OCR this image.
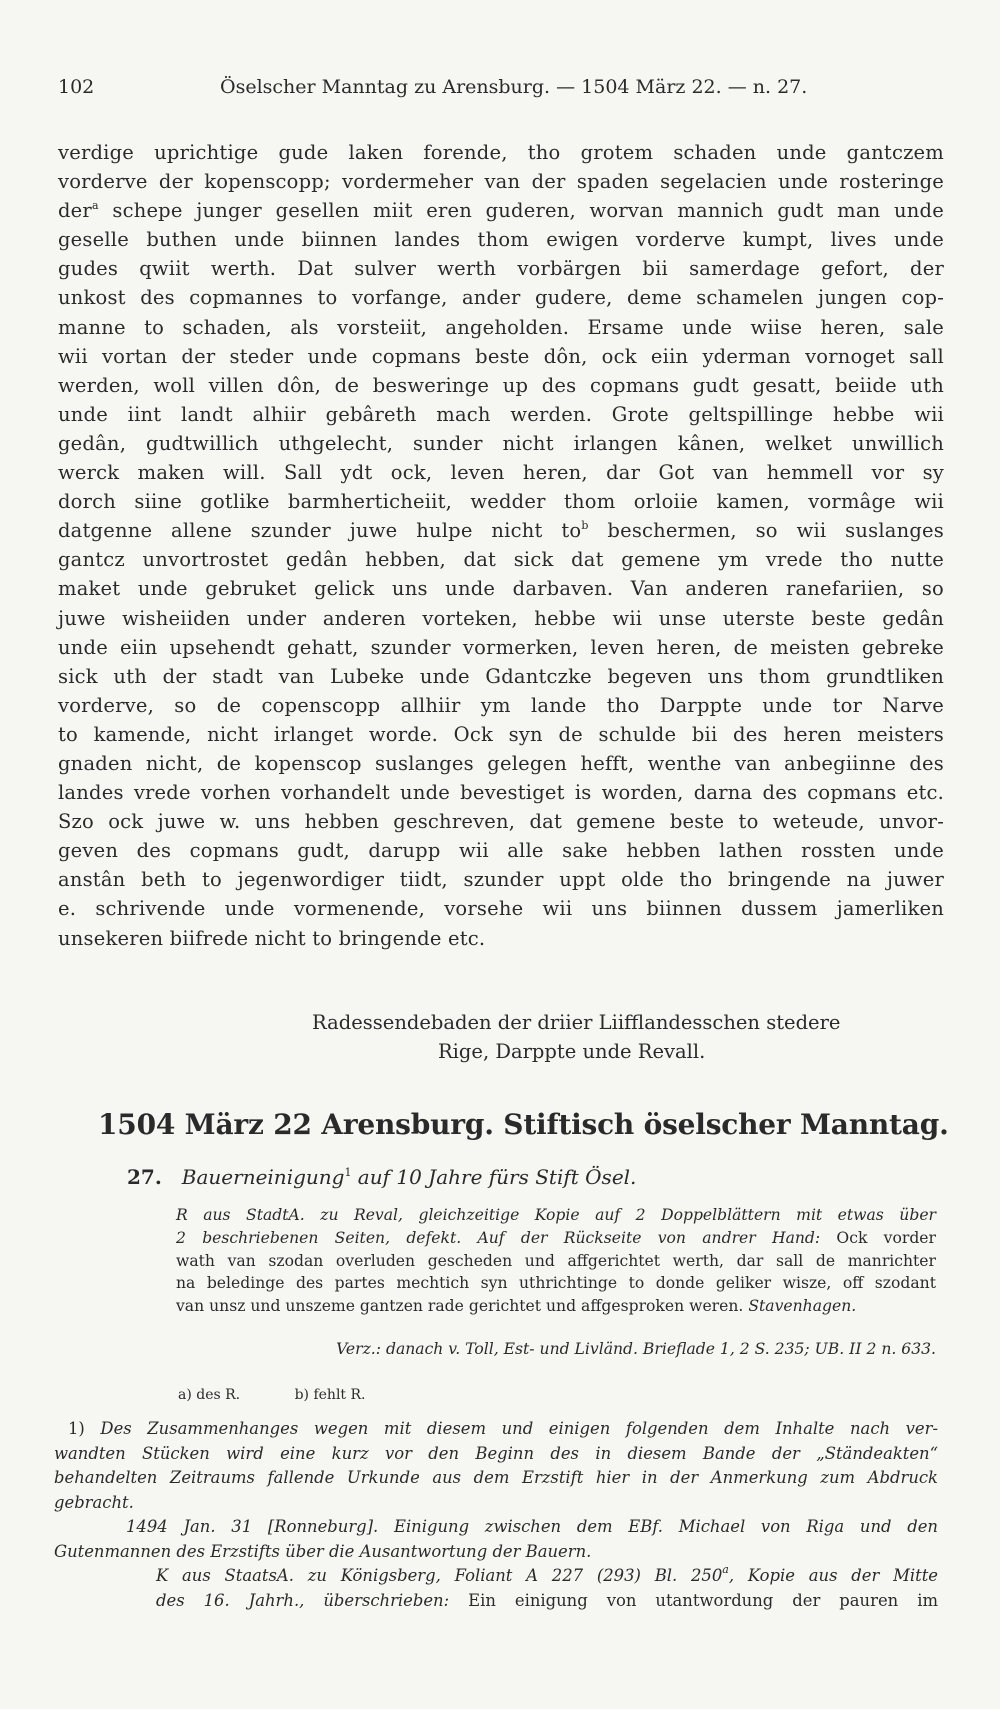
102	Öselscher Manntag zu Arensburg. — 1504 März 22. — n. 27.
verdige uprichtige gude laken forende, tho grotem schaden unde gantczem
vorderve der kopenscopp; vordermeher van der spaden segelacien unde rosteringe
der$^a$ schepe junger gesellen miit eren guderen, worvan mannich gudt man unde
geselle buthen unde biinnen landes thom ewigen vorderve kumpt, lives unde
gudes qwiit werth. Dat sulver werth vorbärgen bii samerdage gefort, der
unkost des copmannes to vorfange, ander gudere, deme schamelen jungen cop-
manne to schaden, als vorsteiit, angeholden. Ersame unde wiise heren, sale
wii vortan der steder unde copmans beste dôn, ock eiin yderman vornoget sall
werden, woll villen dôn, de besweringe up des copmans gudt gesatt, beiide uth
unde iint landt alhiir gebâreth mach werden. Grote geltspillinge hebbe wii
gedân, gudtwillich uthgelecht, sunder nicht irlangen kânen, welket unwillich
werck maken will. Sall ydt ock, leven heren, dar Got van hemmell vor sy
dorch siine gotlike barmherticheiit, wedder thom orloiie kamen, vormâge wii
datgenne allene szunder juwe hulpe nicht $to^b$ beschermen, so wii suslanges
gantcz unvortrostet gedân hebben, dat sick dat gemene ym vrede tho nutte
maket unde gebruket gelick uns unde darbaven. Van anderen ranefariien, so
juwe wisheiiden under anderen vorteken, hebbe wii unse uterste beste gedân
unde eiin upsehendt gehatt, szunder vormerken, leven heren, de meisten gebreke
sick uth der stadt van Lubeke unde Gdantczke begeven uns thom grundtliken
vorderve, so de copenscopp allhiir ym lande tho Darppte unde tor Narve
to kamende, nicht irlanget worde. Ock syn de schulde bii des heren meisters
gnaden nicht, de kopenscop suslanges gelegen hefft, wenthe van anbegiinne des
landes vrede vorhen vorhandelt unde bevestiget is worden, darna des copmans etc.
Szo ock juwe w. uns hebben geschreven, dat gemene beste to weteude, unvor-
geven des copmans gudt, darupp wii alle sake hebben lathen rossten unde
anstân beth to jegenwordiger tiidt, szunder uppt olde tho bringende na juwer
e. schrivende unde vormenende, vorsehe wii uns biinnen dussem jamerliken
unsekeren biifrede nicht to bringende etc.
Radessendebaden der driier Liifflandesschen stedere
Rige, Darppte unde Revall.
1504 März 22 Arensburg. Stiftisch öselscher Manntag.
27. Bauerneinigung$^1$ auf 10 Jahre fürs Stift Ösel.
R aus StadtA. zu Reval, gleichzeitige Kopie auf 2 Doppelblättern mit etwas über
2 beschriebenen Seiten, defekt. Auf der Rückseite von andrer Hand: Ock vorder
wath van szodan overluden gescheden und affgerichtet werth, dar sall de manrichter
na beledinge des partes mechtich syn uthrichtinge to donde geliker wisze, off szodant
van unsz und unszeme gantzen rade gerichtet und affgesproken weren. Stavenhagen.
Verz.: danach v. Toll, Est- und Livländ. Brieflade 1, 2 S. 235; UB. II 2 n. 633.
a) des R.	b) fehlt R.
1) Des Zusammenhanges wegen mit diesem und einigen folgenden dem Inhalte nach ver-
wandten Stücken wird eine kurz vor den Beginn des in diesem Bande der „Ständeakten“
behandelten Zeitraums fallende Urkunde aus dem Erzstift hier in der Anmerkung zum Abdruck
gebracht.
1494 Jan. 31 [Ronneburg]. Einigung zwischen dem EBf. Michael von Riga und den
Gutenmannen des Erzstifts über die Ausantwortung der Bauern.
K aus StaatsA. zu Königsberg, Foliant A 227 (293) Bl. 250$^a$, Kopie aus der Mitte
des 16. Jahrh., überschrieben: Ein einigung von utantwordung der pauren im
